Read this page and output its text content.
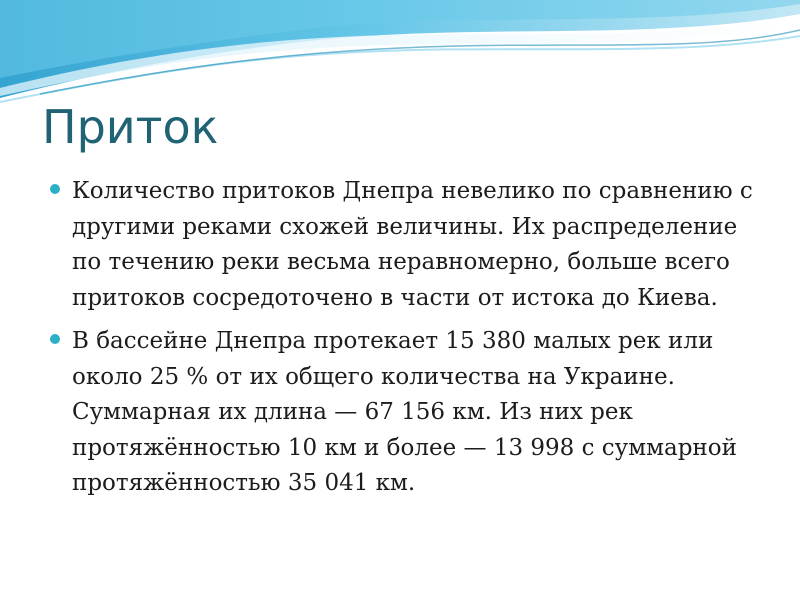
Приток
Количество притоков Днепра невелико по сравнению с другими реками схожей величины. Их распределение по течению реки весьма неравномерно, больше всего притоков сосредоточено в части от истока до Киева.
В бассейне Днепра протекает 15 380 малых рек или около 25 % от их общего количества на Украине. Суммарная их длина — 67 156 км. Из них рек протяжённостью 10 км и более — 13 998 с суммарной протяжённостью 35 041 км.
